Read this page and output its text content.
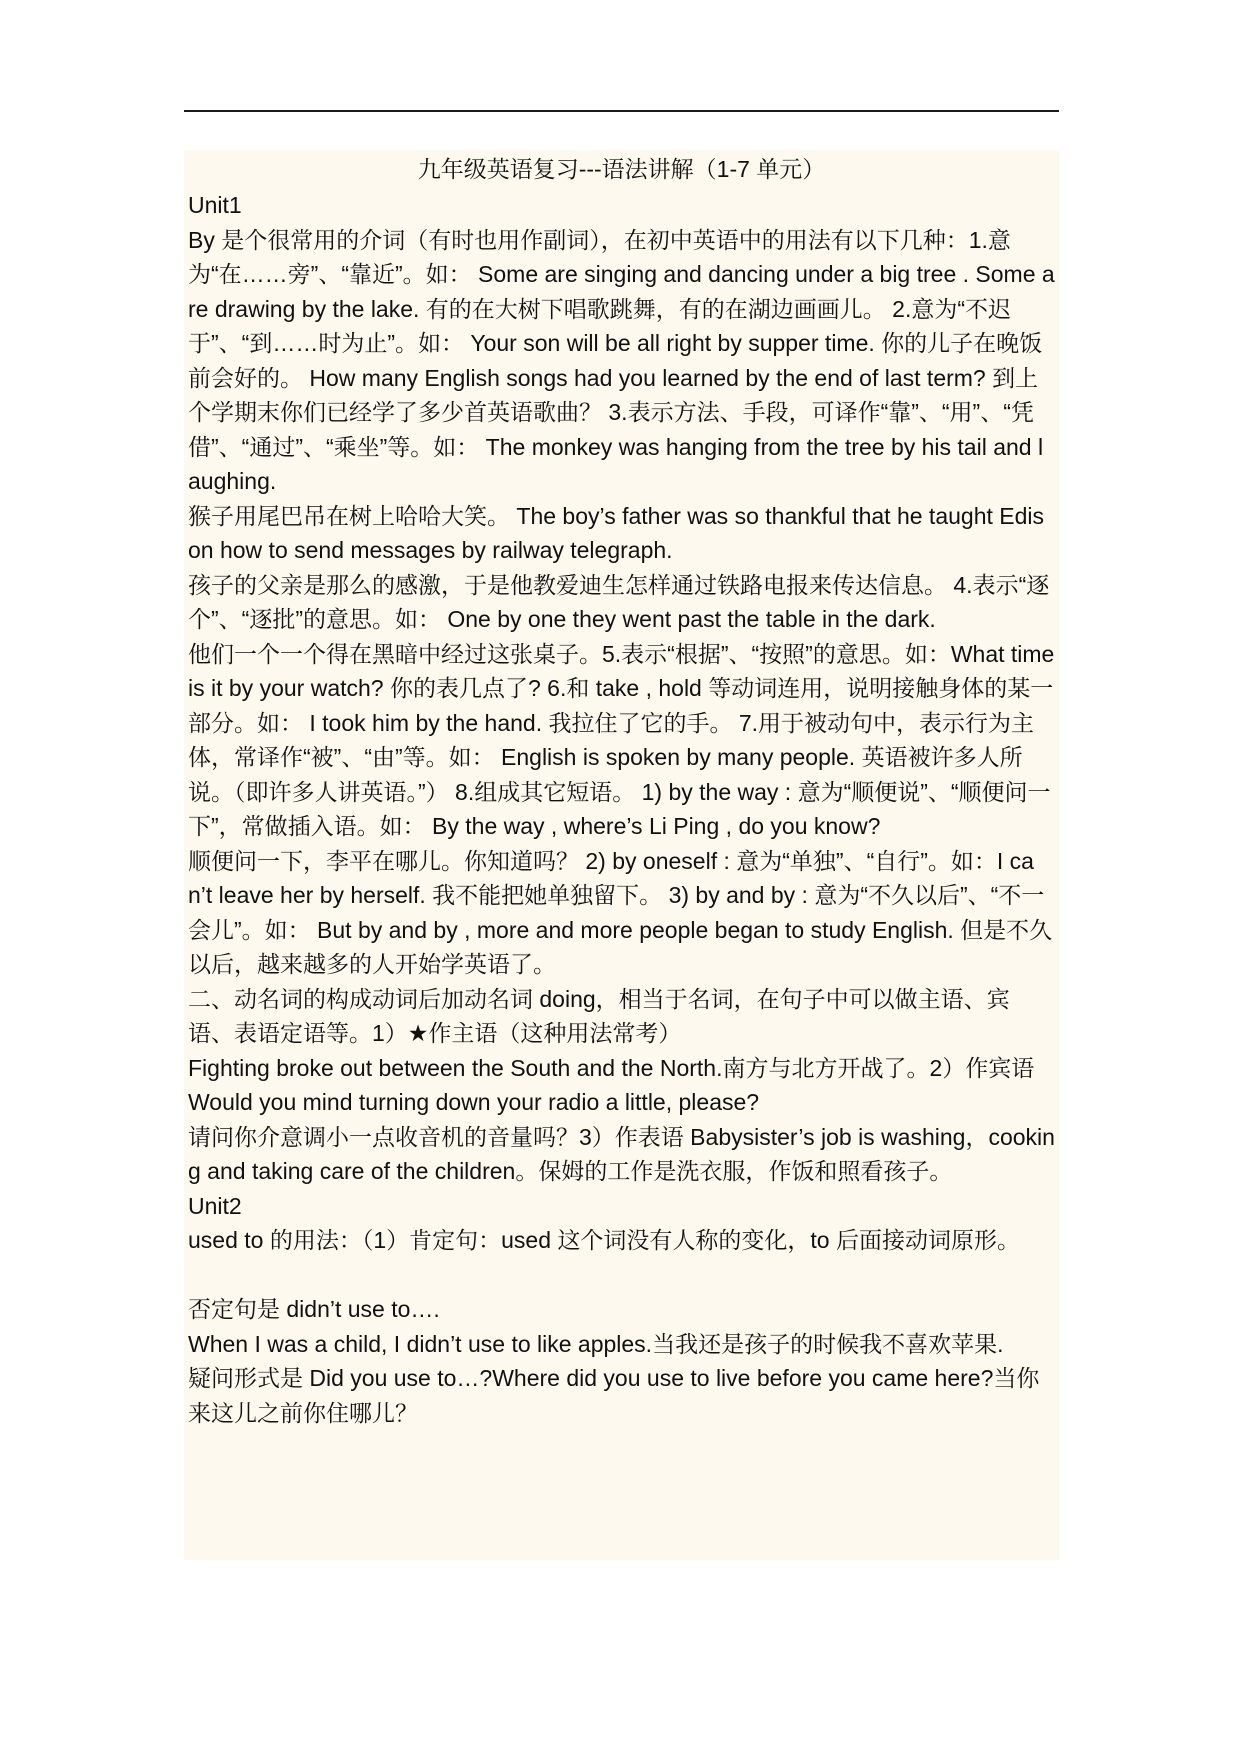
九年级英语复习---语法讲解（1-7 单元）

Unit1

By 是个很常用的介词（有时也用作副词），在初中英语中的用法有以下几种：1.意为“在……旁”、“靠近”。如： Some are singing and dancing under a big tree . Some are drawing by the lake. 有的在大树下唱歌跳舞，有的在湖边画画儿。 2.意为“不迟于”、“到……时为止”。如： Your son will be all right by supper time. 你的儿子在晚饭前会好的。 How many English songs had you learned by the end of last term? 到上个学期末你们已经学了多少首英语歌曲？ 3.表示方法、手段，可译作“靠”、“用”、“凭借”、“通过”、“乘坐”等。如： The monkey was hanging from the tree by his tail and laughing.

猴子用尾巴吊在树上哈哈大笑。 The boy’s father was so thankful that he taught Edison how to send messages by railway telegraph.

孩子的父亲是那么的感激，于是他教爱迪生怎样通过铁路电报来传达信息。 4.表示“逐个”、“逐批”的意思。如： One by one they went past the table in the dark.

他们一个一个得在黑暗中经过这张桌子。5.表示“根据”、“按照”的意思。如：What time is it by your watch? 你的表几点了? 6.和 take , hold 等动词连用，说明接触身体的某一部分。如： I took him by the hand. 我拉住了它的手。 7.用于被动句中，表示行为主体，常译作“被”、“由”等。如： English is spoken by many people. 英语被许多人所说。（即许多人讲英语。”） 8.组成其它短语。 1) by the way : 意为“顺便说”、“顺便问一下”，常做插入语。如： By the way , where’s Li Ping , do you know?

顺便问一下，李平在哪儿。你知道吗？ 2) by oneself : 意为“单独”、“自行”。如：I can’t leave her by herself. 我不能把她单独留下。 3) by and by : 意为“不久以后”、“不一会儿”。如： But by and by , more and more people began to study English. 但是不久以后，越来越多的人开始学英语了。

二、动名词的构成动词后加动名词 doing，相当于名词，在句子中可以做主语、宾语、表语定语等。1）★作主语（这种用法常考）

Fighting broke out between the South and the North.南方与北方开战了。2）作宾语 Would you mind turning down your radio a little, please?

请问你介意调小一点收音机的音量吗？3）作表语 Babysister’s job is washing，cooking and taking care of the children。保姆的工作是洗衣服，作饭和照看孩子。

Unit2

used to 的用法：（1）肯定句：used 这个词没有人称的变化，to 后面接动词原形。

否定句是 didn’t use to….

When I was a child, I didn’t use to like apples.当我还是孩子的时候我不喜欢苹果.

疑问形式是 Did you use to…?Where did you use to live before you came here?当你来这儿之前你住哪儿？
